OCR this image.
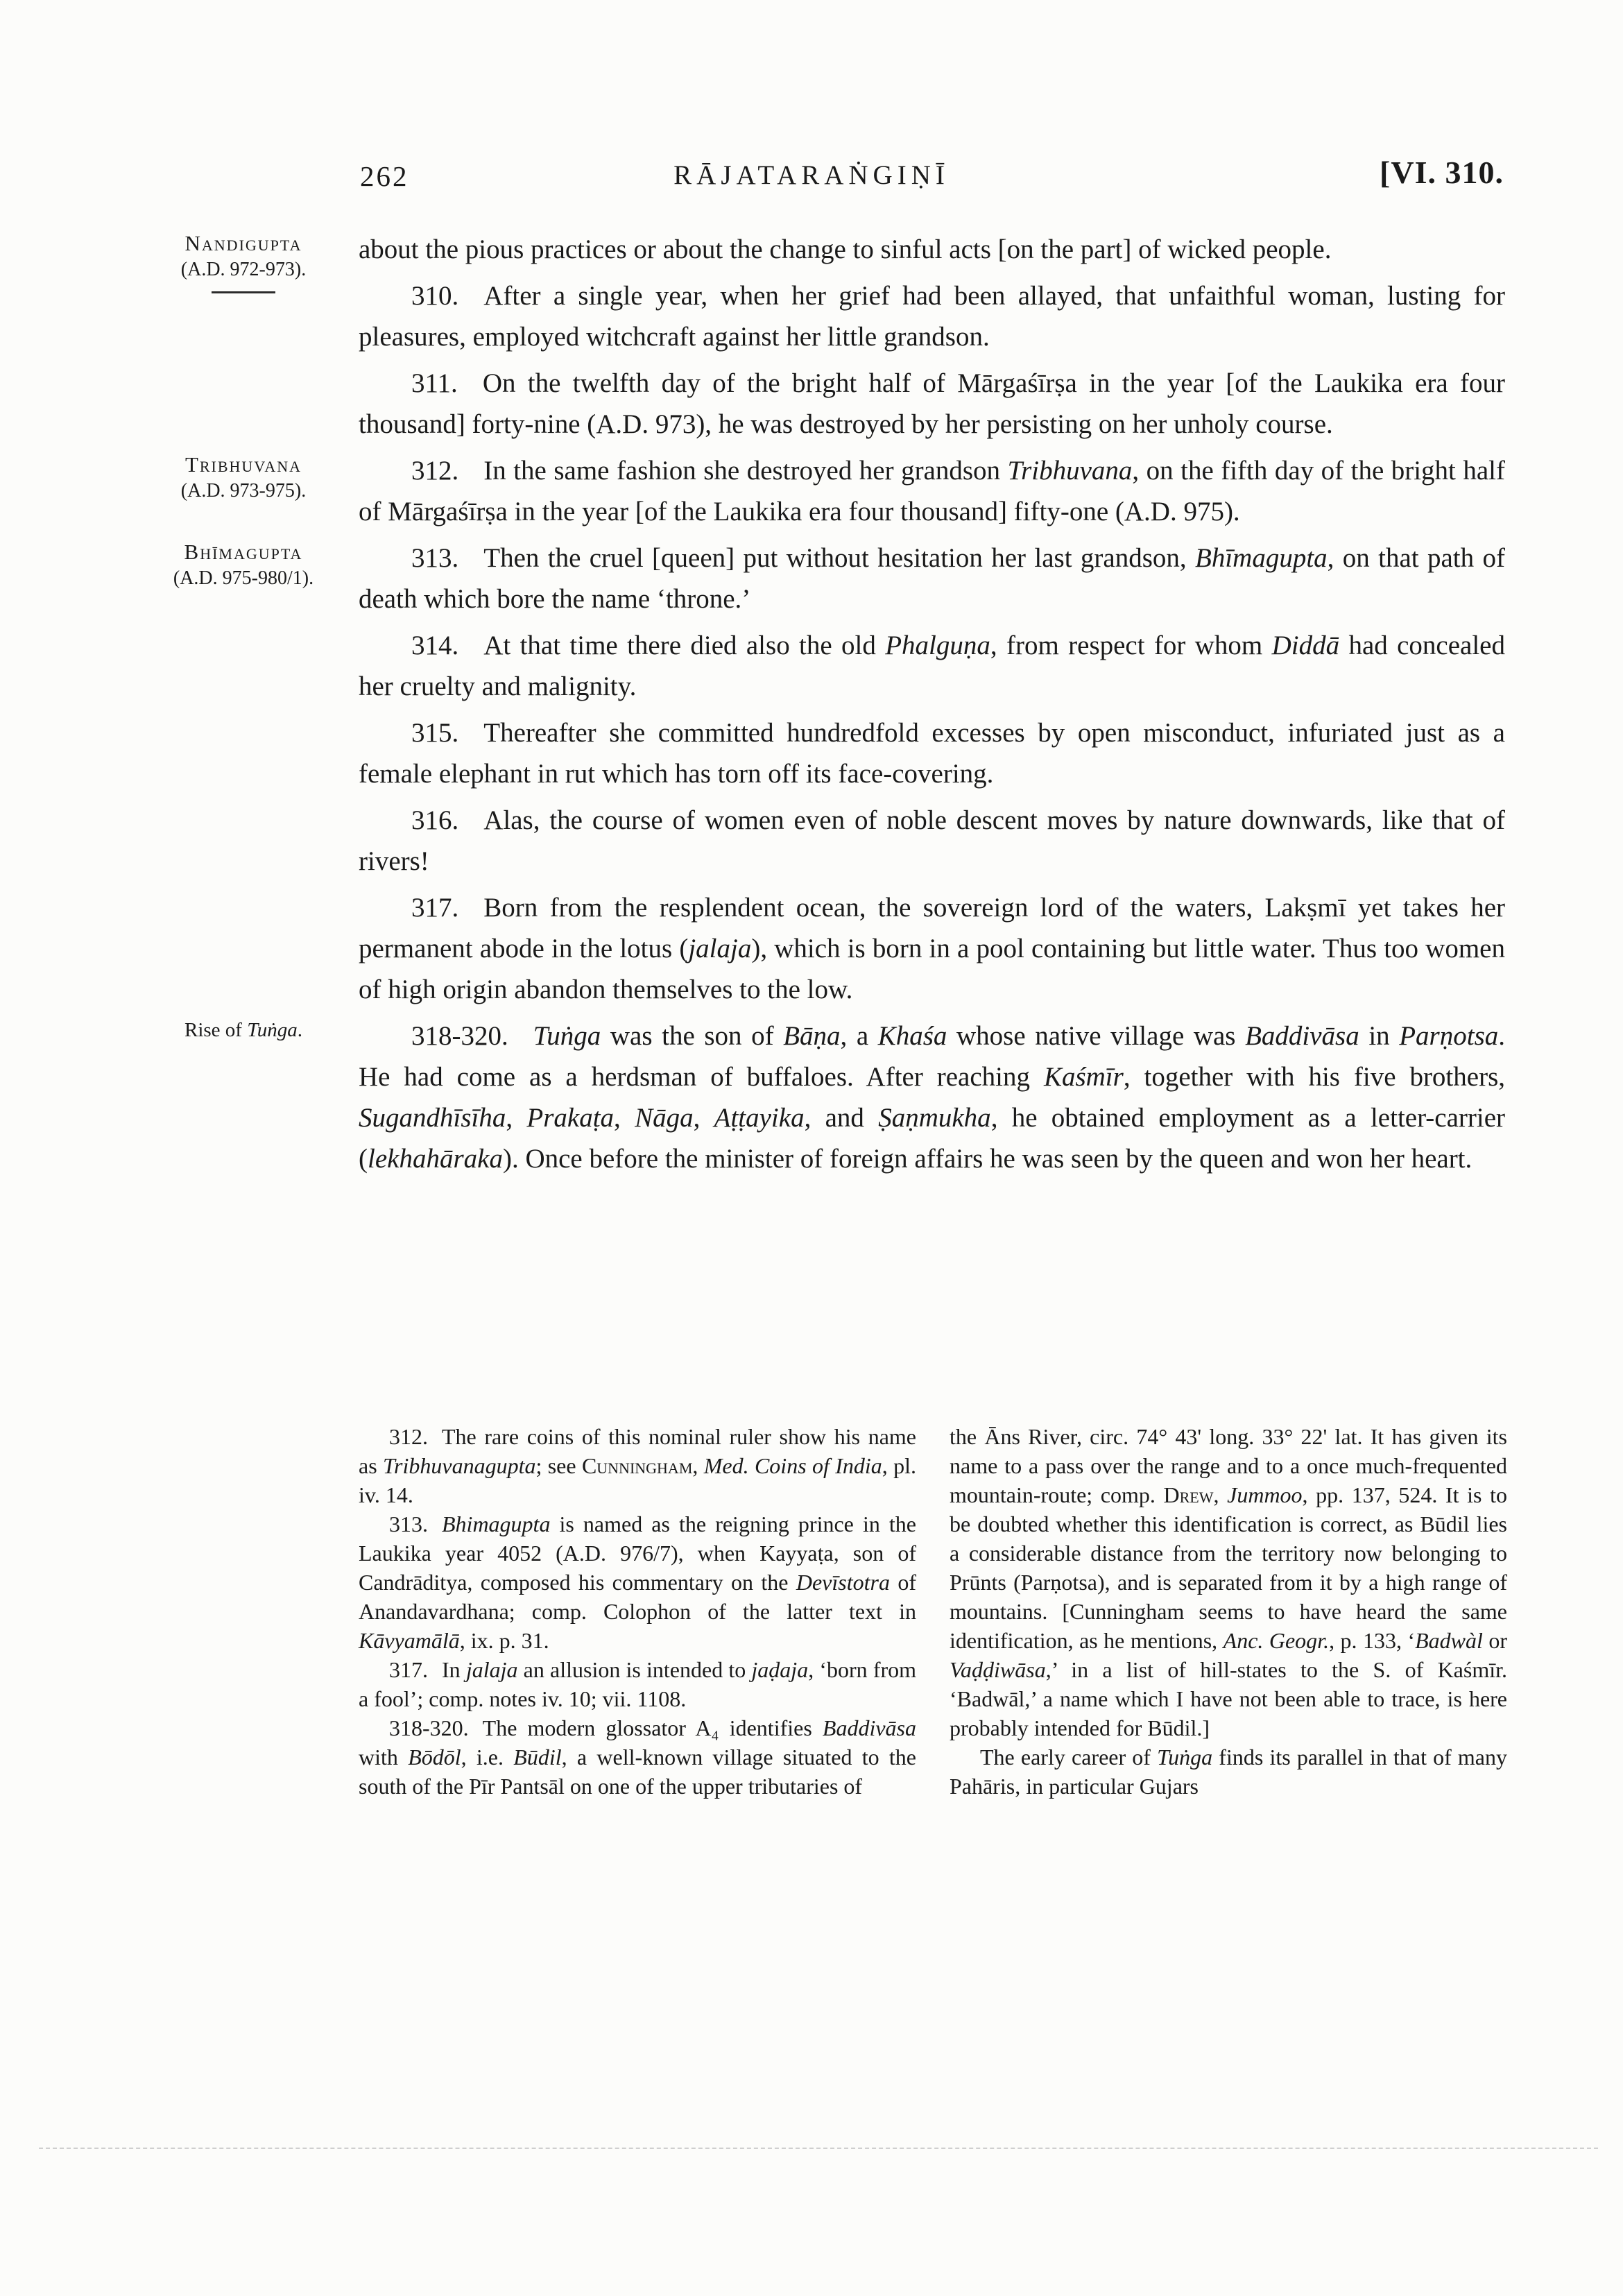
262	RĀJATARAṄGIṆĪ	[VI. 310.
Nandigupta
(A.D. 972-973).
about the pious practices or about the change to sinful acts [on the part] of wicked people.
310. After a single year, when her grief had been allayed, that unfaithful woman, lusting for pleasures, employed witchcraft against her little grandson.
311. On the twelfth day of the bright half of Mārgaśīrṣa in the year [of the Laukika era four thousand] forty-nine (A.D. 973), he was destroyed by her persisting on her unholy course.
Tribhuvana
(A.D. 973-975).
312. In the same fashion she destroyed her grandson Tribhuvana, on the fifth day of the bright half of Mārgaśīrṣa in the year [of the Laukika era four thousand] fifty-one (A.D. 975).
Bhīmagupta
(A.D. 975-980/1).
313. Then the cruel [queen] put without hesitation her last grandson, Bhīmagupta, on that path of death which bore the name ‘throne.’
314. At that time there died also the old Phalguṇa, from respect for whom Diddā had concealed her cruelty and malignity.
315. Thereafter she committed hundredfold excesses by open misconduct, infuriated just as a female elephant in rut which has torn off its face-covering.
316. Alas, the course of women even of noble descent moves by nature downwards, like that of rivers!
317. Born from the resplendent ocean, the sovereign lord of the waters, Lakṣmī yet takes her permanent abode in the lotus (jalaja), which is born in a pool containing but little water. Thus too women of high origin abandon themselves to the low.
Rise of Tuṅga.	318-320. Tuṅga was the son of Bāṇa, a Khaśa whose native village was Baddivāsa in Parṇotsa. He had come as a herdsman of buffaloes. After reaching Kaśmīr, together with his five brothers, Sugandhīsīha, Prakaṭa, Nāga, Aṭṭayika, and Ṣaṇmukha, he obtained employment as a letter-carrier (lekhahāraka). Once before the minister of foreign affairs he was seen by the queen and won her heart.
312. The rare coins of this nominal ruler show his name as Tribhuvanagupta; see Cunningham, Med. Coins of India, pl. iv. 14.
313. Bhimagupta is named as the reigning prince in the Laukika year 4052 (A.D. 976/7), when Kayyaṭa, son of Candrāditya, composed his commentary on the Devīstotra of Anandavardhana; comp. Colophon of the latter text in Kāvyamālā, ix. p. 31.
317. In jalaja an allusion is intended to jaḍaja, ‘born from a fool’; comp. notes iv. 10; vii. 1108.
318-320. The modern glossator A₄ identifies Baddivāsa with Bōdōl, i.e. Būdil, a well-known village situated to the south of the Pīr Pantsāl on one of the upper tributaries of
the Āns River, circ. 74° 43' long. 33° 22' lat. It has given its name to a pass over the range and to a once much-frequented mountain-route; comp. Drew, Jummoo, pp. 137, 524. It is to be doubted whether this identification is correct, as Būdil lies a considerable distance from the territory now belonging to Prūnts (Parṇotsa), and is separated from it by a high range of mountains. [Cunningham seems to have heard the same identification, as he mentions, Anc. Geogr., p. 133, ‘Badwàl or Vaḍḍiwāsa,’ in a list of hill-states to the S. of Kaśmīr. ‘Badwāl,’ a name which I have not been able to trace, is here probably intended for Būdil.]
The early career of Tuṅga finds its parallel in that of many Pahāris, in particular Gujars
